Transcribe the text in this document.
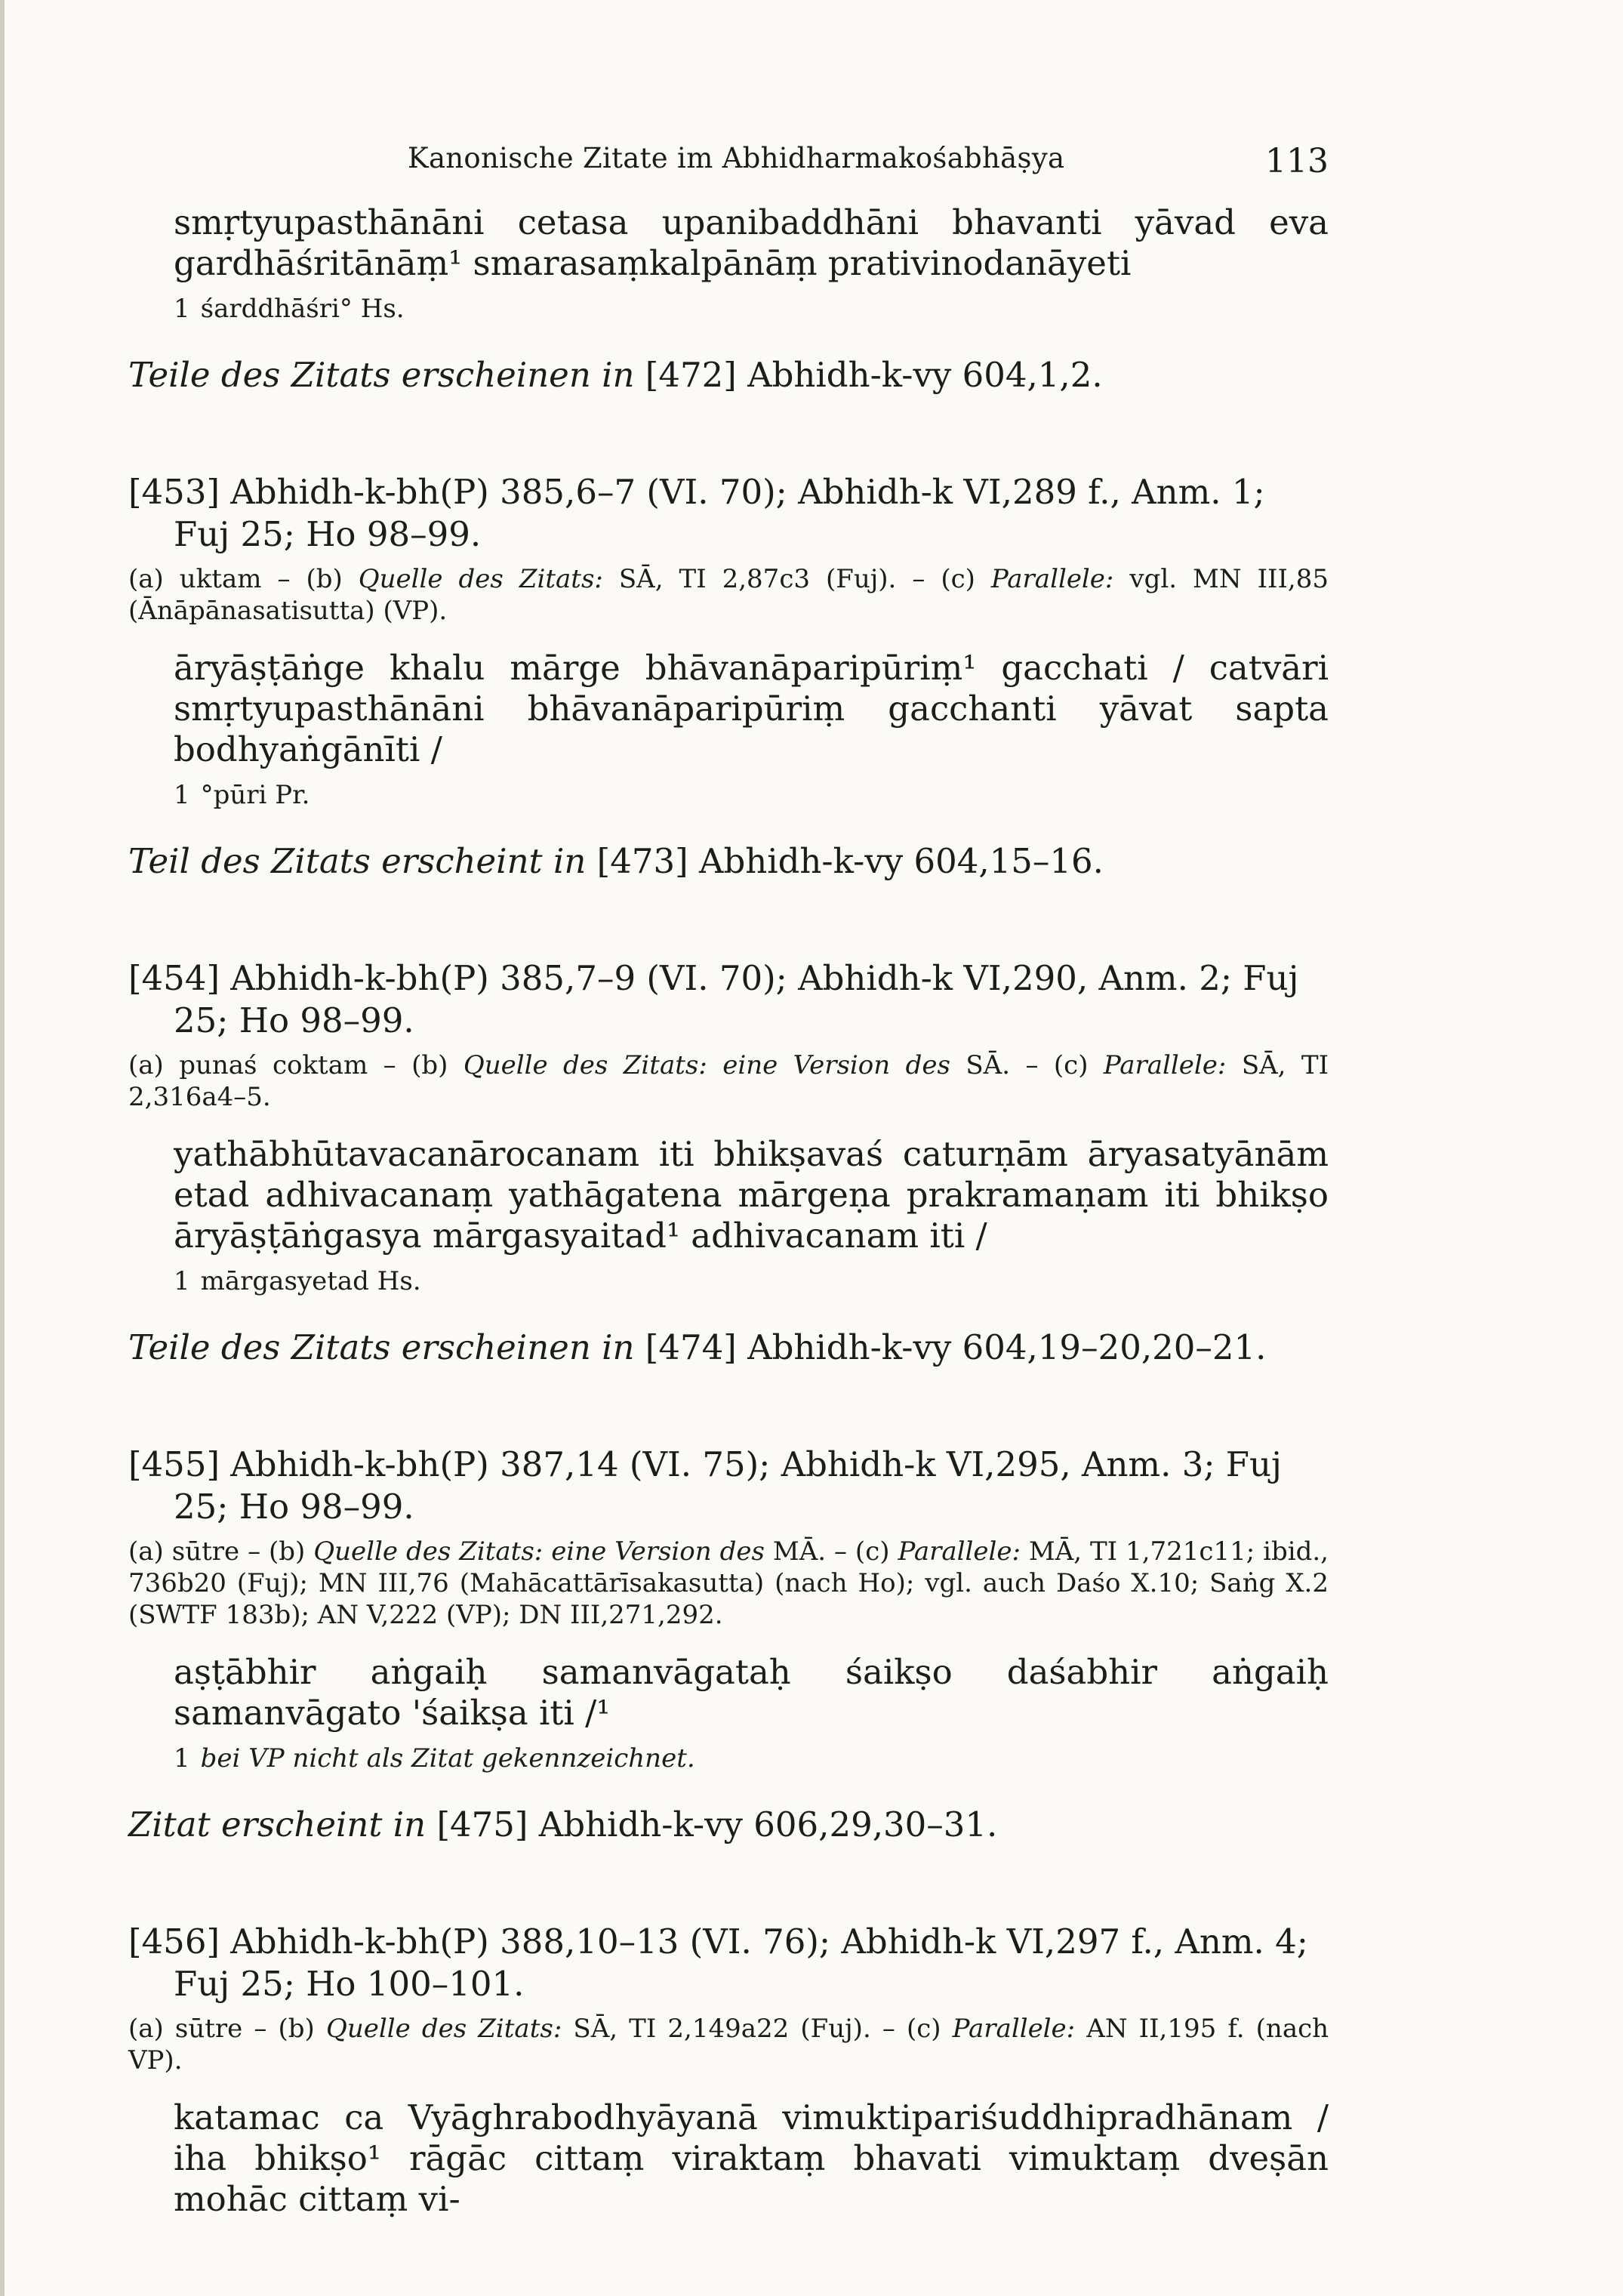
Kanonische Zitate im Abhidharmakośabhāṣya	113

smṛtyupasthānāni cetasa upanibaddhāni bhavanti yāvad eva gardhāśritānāṃ¹ smarasaṃkalpānāṃ prativinodanāyeti

1 śarddhāśri° Hs.

Teile des Zitats erscheinen in [472] Abhidh-k-vy 604,1,2.

[453] Abhidh-k-bh(P) 385,6–7 (VI. 70); Abhidh-k VI,289 f., Anm. 1; Fuj 25; Ho 98–99.

(a) uktam – (b) Quelle des Zitats: SĀ, TI 2,87c3 (Fuj). – (c) Parallele: vgl. MN III,85 (Ānāpānasatisutta) (VP).

āryāṣṭāṅge khalu mārge bhāvanāparipūriṃ¹ gacchati / catvāri smṛtyupasthānāni bhāvanāparipūriṃ gacchanti yāvat sapta bodhyaṅgānīti /

1 °pūri Pr.

Teil des Zitats erscheint in [473] Abhidh-k-vy 604,15–16.

[454] Abhidh-k-bh(P) 385,7–9 (VI. 70); Abhidh-k VI,290, Anm. 2; Fuj 25; Ho 98–99.

(a) punaś coktam – (b) Quelle des Zitats: eine Version des SĀ. – (c) Parallele: SĀ, TI 2,316a4–5.

yathābhūtavacanārocanam iti bhikṣavaś caturṇām āryasatyānām etad adhivacanaṃ yathāgatena mārgeṇa prakramaṇam iti bhikṣo āryāṣṭāṅgasya mārgasyaitad¹ adhivacanam iti /

1 mārgasyetad Hs.

Teile des Zitats erscheinen in [474] Abhidh-k-vy 604,19–20,20–21.

[455] Abhidh-k-bh(P) 387,14 (VI. 75); Abhidh-k VI,295, Anm. 3; Fuj 25; Ho 98–99.

(a) sūtre – (b) Quelle des Zitats: eine Version des MĀ. – (c) Parallele: MĀ, TI 1,721c11; ibid., 736b20 (Fuj); MN III,76 (Mahācattārīsakasutta) (nach Ho); vgl. auch Daśo X.10; Saṅg X.2 (SWTF 183b); AN V,222 (VP); DN III,271,292.

aṣṭābhir aṅgaiḥ samanvāgataḥ śaikṣo daśabhir aṅgaiḥ samanvāgato 'śaikṣa iti /¹

1 bei VP nicht als Zitat gekennzeichnet.

Zitat erscheint in [475] Abhidh-k-vy 606,29,30–31.

[456] Abhidh-k-bh(P) 388,10–13 (VI. 76); Abhidh-k VI,297 f., Anm. 4; Fuj 25; Ho 100–101.

(a) sūtre – (b) Quelle des Zitats: SĀ, TI 2,149a22 (Fuj). – (c) Parallele: AN II,195 f. (nach VP).

katamac ca Vyāghrabodhyāyanā vimuktipariśuddhipradhānam / iha bhikṣo¹ rāgāc cittaṃ viraktaṃ bhavati vimuktaṃ dveṣān mohāc cittaṃ vi-
